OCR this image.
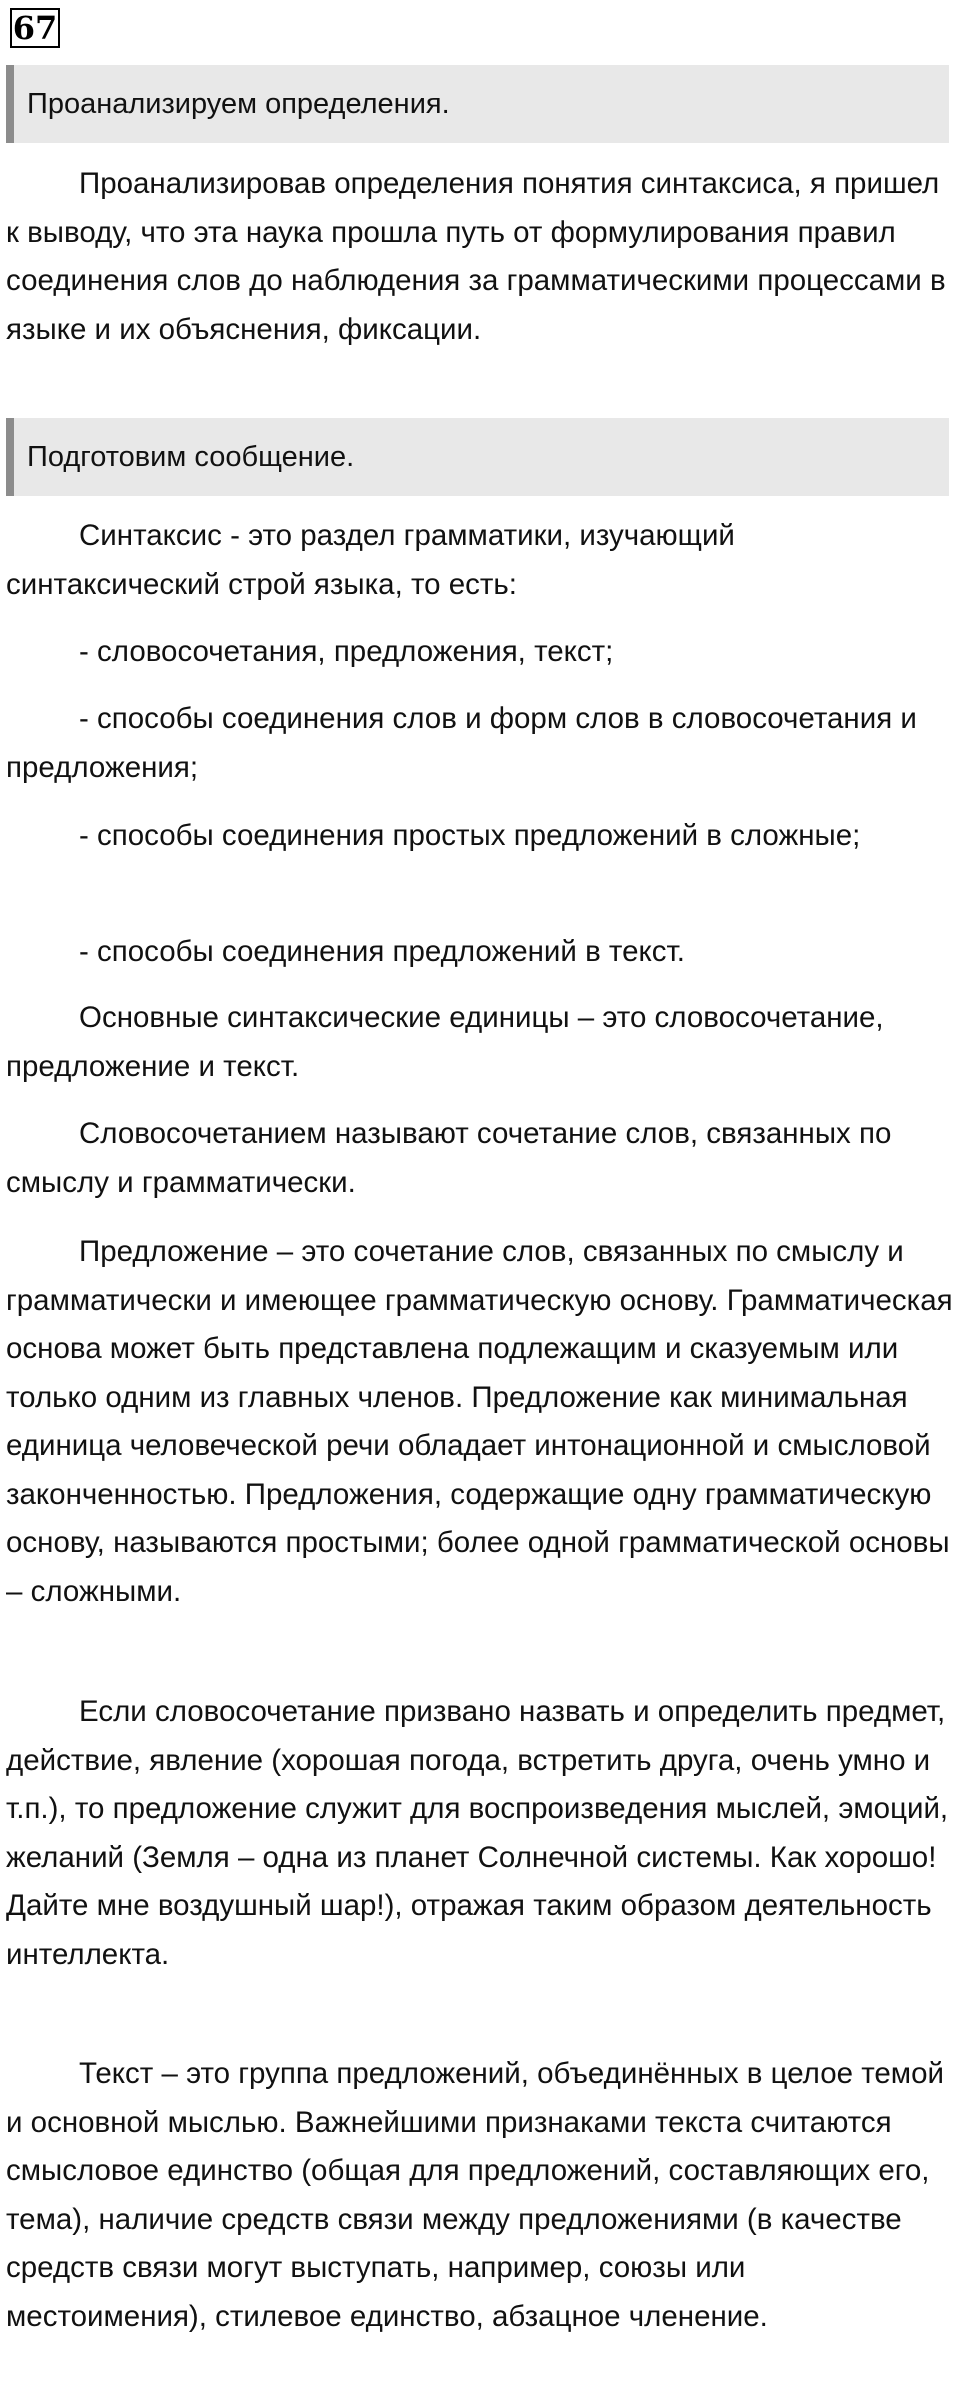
67
Проанализируем определения.

Проанализировав определения понятия синтаксиса, я пришел к выводу, что эта наука прошла путь от формулирования правил соединения слов до наблюдения за грамматическими процессами в языке и их объяснения, фиксации.

Подготовим сообщение.

Синтаксис - это раздел грамматики, изучающий синтаксический строй языка, то есть:

- словосочетания, предложения, текст;

- способы соединения слов и форм слов в словосочетания и предложения;

- способы соединения простых предложений в сложные;

- способы соединения предложений в текст.

Основные синтаксические единицы – это словосочетание, предложение и текст.

Словосочетанием называют сочетание слов, связанных по смыслу и грамматически.

Предложение – это сочетание слов, связанных по смыслу и грамматически и имеющее грамматическую основу. Грамматическая основа может быть представлена подлежащим и сказуемым или только одним из главных членов. Предложение как минимальная единица человеческой речи обладает интонационной и смысловой законченностью. Предложения, содержащие одну грамматическую основу, называются простыми; более одной грамматической основы – сложными.

Если словосочетание призвано назвать и определить предмет, действие, явление (хорошая погода, встретить друга, очень умно и т.п.), то предложение служит для воспроизведения мыслей, эмоций, желаний (Земля – одна из планет Солнечной системы. Как хорошо! Дайте мне воздушный шар!), отражая таким образом деятельность интеллекта.

Текст – это группа предложений, объединённых в целое темой и основной мыслью. Важнейшими признаками текста считаются смысловое единство (общая для предложений, составляющих его, тема), наличие средств связи между предложениями (в качестве средств связи могут выступать, например, союзы или местоимения), стилевое единство, абзацное членение.
